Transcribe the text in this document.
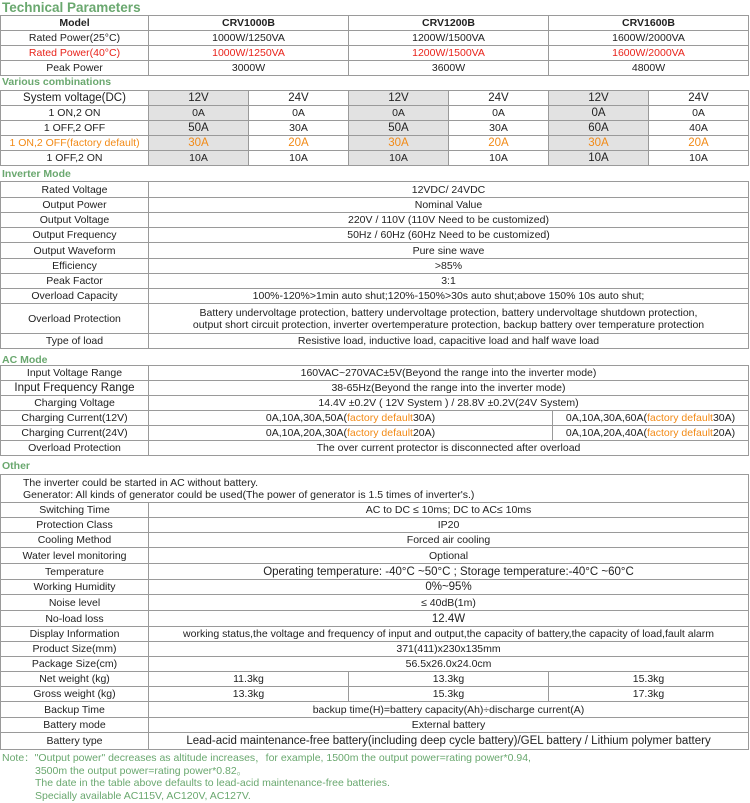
Technical Parameters
Model	CRV1000B	CRV1200B	CRV1600B
Rated Power(25°C)	1000W/1250VA	1200W/1500VA	1600W/2000VA
Rated Power(40°C)	1000W/1250VA	1200W/1500VA	1600W/2000VA
Peak Power	3000W	3600W	4800W
Various combinations
System voltage(DC)	12V	24V	12V	24V	12V	24V
1 ON,2 ON	0A	0A	0A	0A	0A	0A
1 OFF,2 OFF	50A	30A	50A	30A	60A	40A
1 ON,2 OFF(factory default)	30A	20A	30A	20A	30A	20A
1 OFF,2 ON	10A	10A	10A	10A	10A	10A
Inverter Mode
Rated Voltage	12VDC/ 24VDC
Output Power	Nominal Value
Output Voltage	220V / 110V (110V Need to be customized)
Output Frequency	50Hz / 60Hz (60Hz Need to be customized)
Output Waveform	Pure sine wave
Efficiency	>85%
Peak Factor	3:1
Overload Capacity	100%-120%>1min auto shut;120%-150%>30s auto shut;above 150% 10s auto shut;
Overload Protection	Battery undervoltage protection, battery undervoltage protection, battery undervoltage shutdown protection,
output short circuit protection, inverter overtemperature protection, backup battery over temperature protection

Type of load	Resistive load, inductive load, capacitive load and half wave load
AC Mode
Input Voltage Range	160VAC~270VAC±5V(Beyond the range into the inverter mode)	
Input Frequency Range	38-65Hz(Beyond the range into the inverter mode)	
Charging Voltage	14.4V ±0.2V ( 12V System ) / 28.8V ±0.2V(24V System)	
Charging Current(12V)	0A,10A,30A,50A(factory default30A)	0A,10A,30A,60A(factory default30A)
Charging Current(24V)	0A,10A,20A,30A(factory default20A)	0A,10A,20A,40A(factory default20A)
Overload Protection	The over current protector is disconnected after overload	
Other
The inverter could be started in AC without battery.
Generator: All kinds of generator could be used(The power of generator is 1.5 times of inverter's.)			

Switching Time	AC to DC ≤ 10ms; DC to AC≤ 10ms		
Protection Class	IP20		
Cooling Method	Forced air cooling		
Water level monitoring	Optional		
Temperature	Operating temperature: -40°C ~50°C ; Storage temperature:-40°C ~60°C		
Working Humidity	0%~95%		
Noise level	≤ 40dB(1m)		
No-load loss	12.4W		
Display Information	working status,the voltage and frequency of input and output,the capacity of battery,the capacity of load,fault alarm		
Product Size(mm)	371(411)x230x135mm		
Package Size(cm)	56.5x26.0x24.0cm		
Net weight (kg)	11.3kg	13.3kg	15.3kg
Gross weight (kg)	13.3kg	15.3kg	17.3kg
Backup Time	backup time(H)=battery capacity(Ah)÷discharge current(A)		
Battery mode	External battery		
Battery type	Lead-acid maintenance-free battery(including deep cycle battery)/GEL battery / Lithium polymer battery		
Note："Output power" decreases as altitude increases，for example, 1500m the output power=rating power*0.94,
3500m the output power=rating power*0.82。
The date in the table above defaults to lead-acid maintenance-free batteries.
Specially available AC115V, AC120V, AC127V.
